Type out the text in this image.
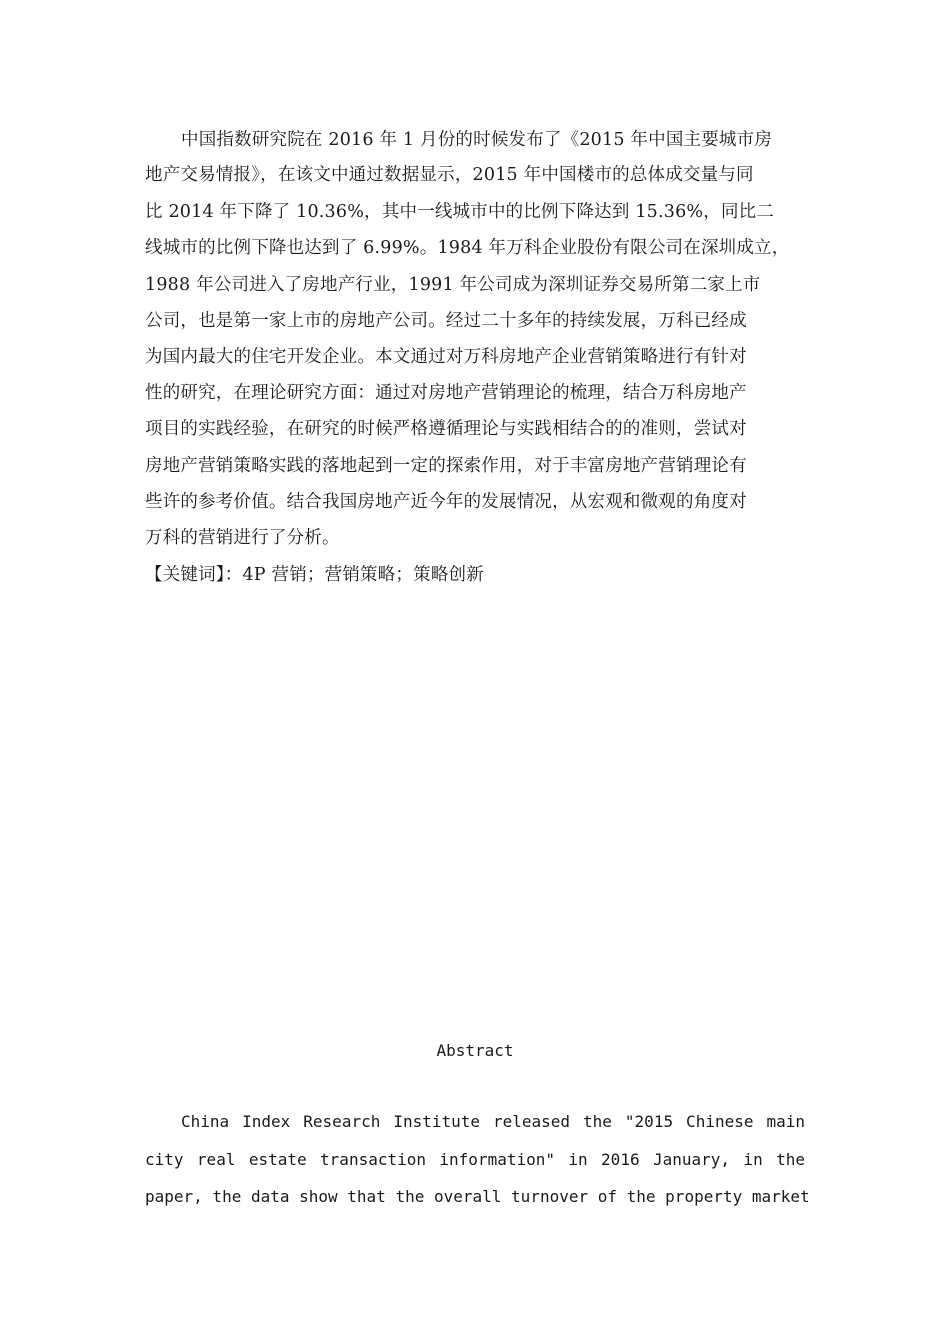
中国指数研究院在 2016 年 1 月份的时候发布了《2015 年中国主要城市房
地产交易情报》，在该文中通过数据显示，2015 年中国楼市的总体成交量与同
比 2014 年下降了 10.36%，其中一线城市中的比例下降达到 15.36%，同比二
线城市的比例下降也达到了 6.99%。1984 年万科企业股份有限公司在深圳成立，
1988 年公司进入了房地产行业，1991 年公司成为深圳证券交易所第二家上市
公司，也是第一家上市的房地产公司。经过二十多年的持续发展，万科已经成
为国内最大的住宅开发企业。本文通过对万科房地产企业营销策略进行有针对
性的研究，在理论研究方面：通过对房地产营销理论的梳理，结合万科房地产
项目的实践经验，在研究的时候严格遵循理论与实践相结合的的准则，尝试对
房地产营销策略实践的落地起到一定的探索作用，对于丰富房地产营销理论有
些许的参考价值。结合我国房地产近今年的发展情况，从宏观和微观的角度对
万科的营销进行了分析。
【关键词】：4P 营销；营销策略；策略创新
Abstract
China Index Research Institute released the "2015 Chinese main
city real estate transaction information" in 2016 January, in the
paper, the data show that the overall turnover of the property market
